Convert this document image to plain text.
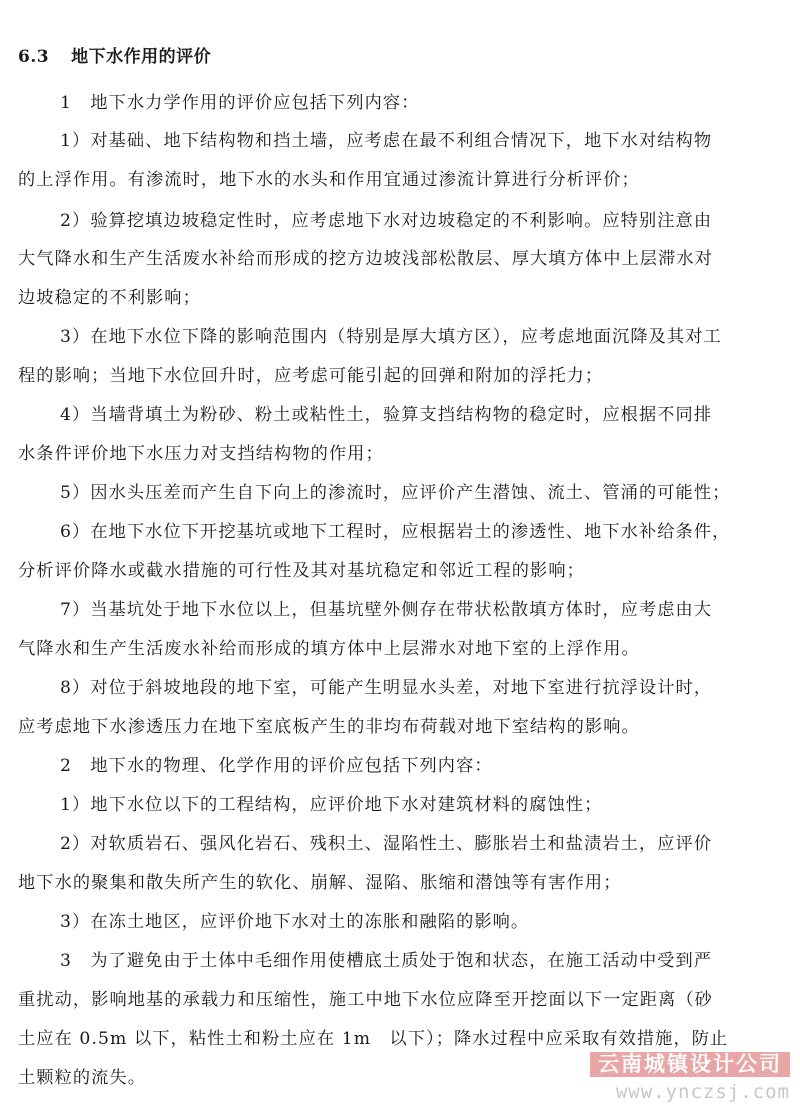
6.3 地下水作用的评价
1　地下水力学作用的评价应包括下列内容：
1）对基础、地下结构物和挡土墙，应考虑在最不利组合情况下，地下水对结构物
的上浮作用。有渗流时，地下水的水头和作用宜通过渗流计算进行分析评价；
2）验算挖填边坡稳定性时，应考虑地下水对边坡稳定的不利影响。应特别注意由
大气降水和生产生活废水补给而形成的挖方边坡浅部松散层、厚大填方体中上层滞水对
边坡稳定的不利影响；
3）在地下水位下降的影响范围内（特别是厚大填方区），应考虑地面沉降及其对工
程的影响；当地下水位回升时，应考虑可能引起的回弹和附加的浮托力；
4）当墙背填土为粉砂、粉土或粘性土，验算支挡结构物的稳定时，应根据不同排
水条件评价地下水压力对支挡结构物的作用；
5）因水头压差而产生自下向上的渗流时，应评价产生潜蚀、流土、管涌的可能性；
6）在地下水位下开挖基坑或地下工程时，应根据岩土的渗透性、地下水补给条件，
分析评价降水或截水措施的可行性及其对基坑稳定和邻近工程的影响；
7）当基坑处于地下水位以上，但基坑壁外侧存在带状松散填方体时，应考虑由大
气降水和生产生活废水补给而形成的填方体中上层滞水对地下室的上浮作用。
8）对位于斜坡地段的地下室，可能产生明显水头差，对地下室进行抗浮设计时，
应考虑地下水渗透压力在地下室底板产生的非均布荷载对地下室结构的影响。
2　地下水的物理、化学作用的评价应包括下列内容：
1）地下水位以下的工程结构，应评价地下水对建筑材料的腐蚀性；
2）对软质岩石、强风化岩石、残积土、湿陷性土、膨胀岩土和盐渍岩土，应评价
地下水的聚集和散失所产生的软化、崩解、湿陷、胀缩和潜蚀等有害作用；
3）在冻土地区，应评价地下水对土的冻胀和融陷的影响。
3　为了避免由于土体中毛细作用使槽底土质处于饱和状态，在施工活动中受到严
重扰动，影响地基的承载力和压缩性，施工中地下水位应降至开挖面以下一定距离（砂
土应在 0.5m 以下，粘性土和粉土应在 1m　以下）；降水过程中应采取有效措施，防止
土颗粒的流失。
云南城镇设计公司
www.ynczsj.com
